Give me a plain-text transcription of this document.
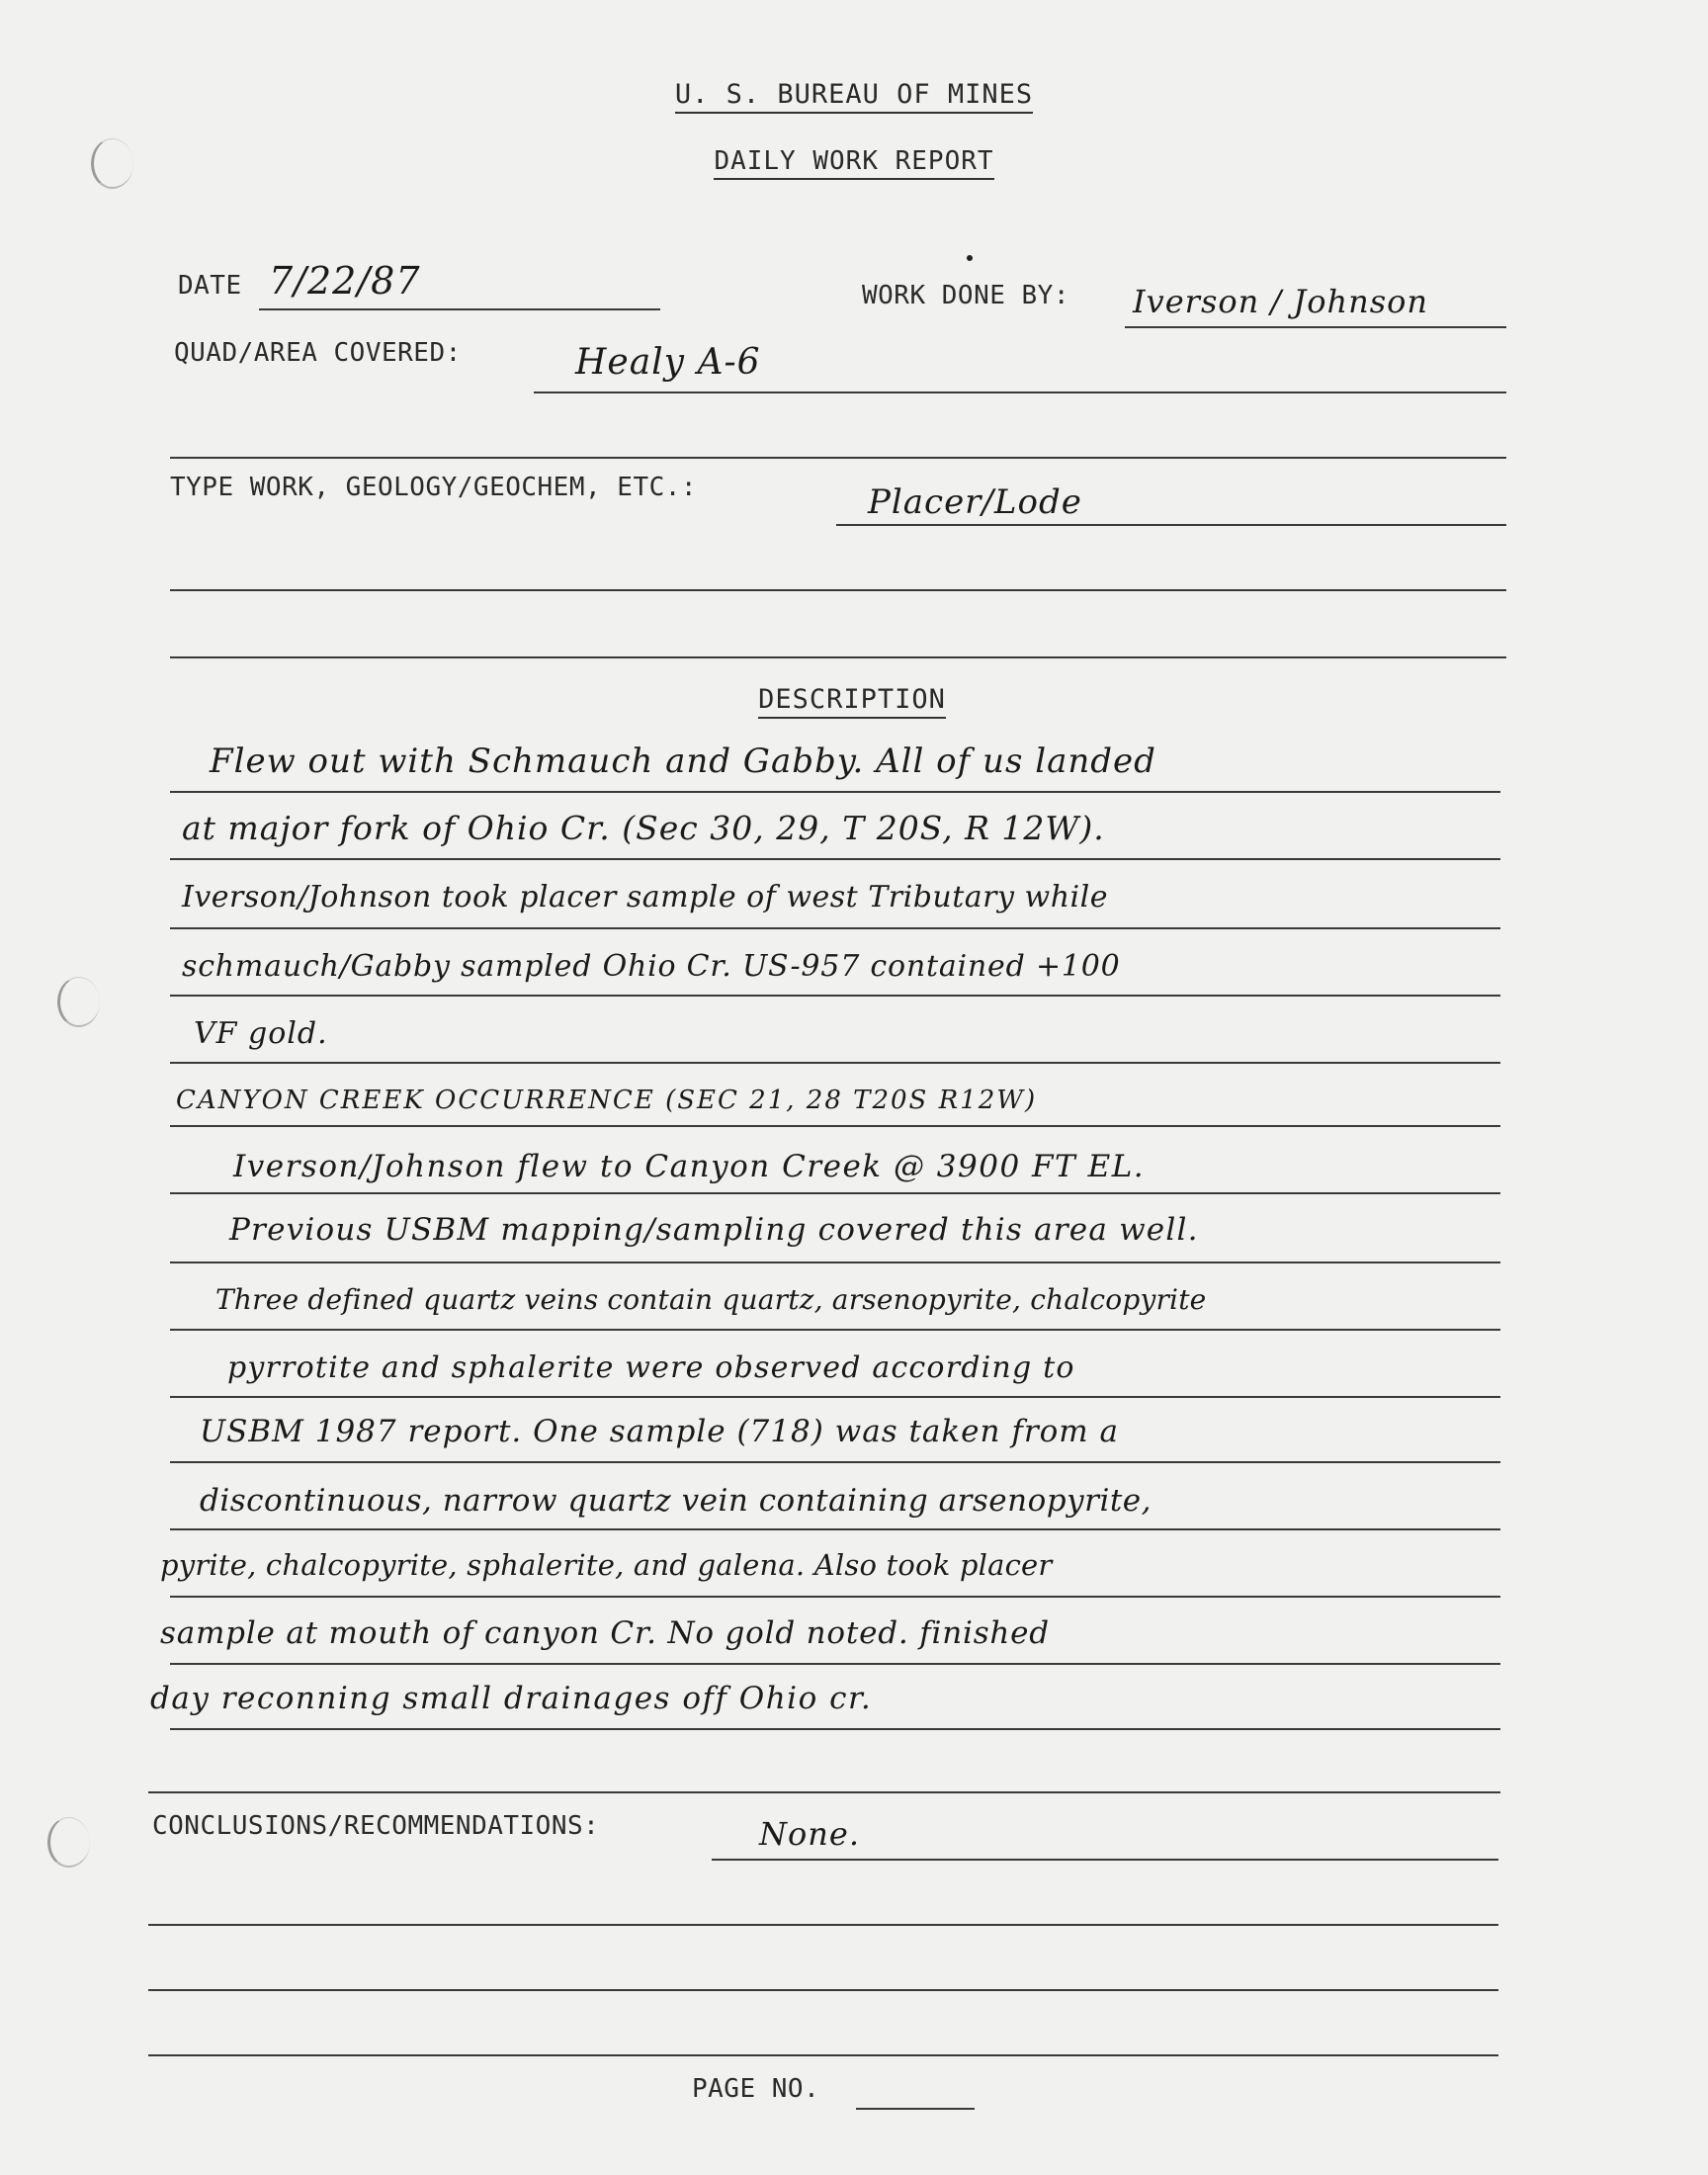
U. S. BUREAU OF MINES
DAILY WORK REPORT
DATE 7/22/87	WORK DONE BY: Iverson / Johnson
QUAD/AREA COVERED:	Healy A-6
TYPE WORK, GEOLOGY/GEOCHEM, ETC.:	Placer/Lode
DESCRIPTION
Flew out with Schmauch and Gabby. All of us landed
at major fork of Ohio Cr. (Sec 30, 29, T 20S, R 12W).
Iverson/Johnson took placer sample of west Tributary while
schmauch/Gabby sampled Ohio Cr. US-957 contained +100
VF gold.
CANYON CREEK OCCURRENCE (SEC 21, 28 T20S R12W)
Iverson/Johnson flew to Canyon Creek @ 3900 FT EL.
Previous USBM mapping/sampling covered this area well.
Three defined quartz veins contain quartz, arsenopyrite, chalcopyrite
pyrrotite and sphalerite were observed according to
USBM 1987 report. One sample (718) was taken from a
discontinuous, narrow quartz vein containing arsenopyrite,
pyrite, chalcopyrite, sphalerite, and galena. Also took placer
sample at mouth of canyon Cr. No gold noted. finished
day reconning small drainages off Ohio cr.
CONCLUSIONS/RECOMMENDATIONS:	None.
PAGE NO.
